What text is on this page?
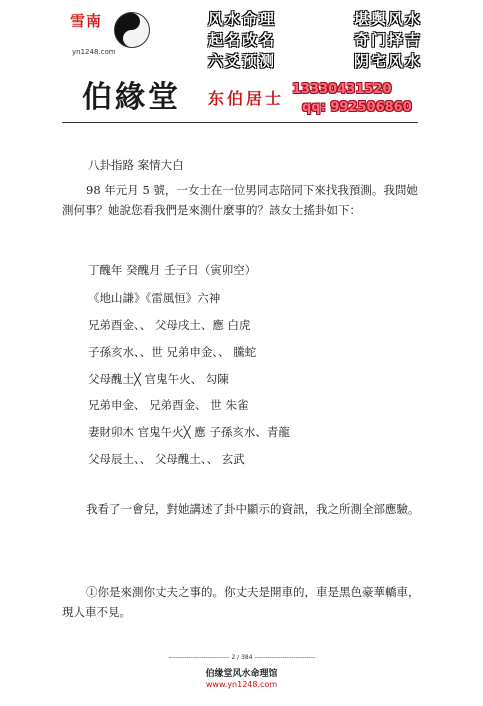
雪南
yn1248.com
伯緣堂
风水命理	堪舆风水
起名改名	奇门择吉
六爻预测	阴宅风水
东伯居士 13330431520
qq: 992506860
八卦指路 案情大白
98 年元月 5 號，一女士在一位男同志陪同下來找我預測。我問她測何事？她說您看我們是來測什麼事的？該女士搖卦如下：
丁醜年 癸醜月 壬子日（寅卯空）
《地山謙》《雷風恒》六神
兄弟酉金、、 父母戌土、應 白虎
子孫亥水、、世 兄弟申金、、 騰蛇
父母醜土╳ 官鬼午火、 勾陳
兄弟申金、 兄弟酉金、 世 朱雀
妻財卯木 官鬼午火╳ 應 子孫亥水、青龍
父母辰土、、 父母醜土、、 玄武
我看了一會兒，對她講述了卦中顯示的資訊，我之所測全部應驗。
①你是來測你丈夫之事的。你丈夫是開車的，車是黑色豪華轎車，現人車不見。
---------------------------- 2 / 384 ----------------------------
伯缘堂风水命理馆
www.yn1248.com
